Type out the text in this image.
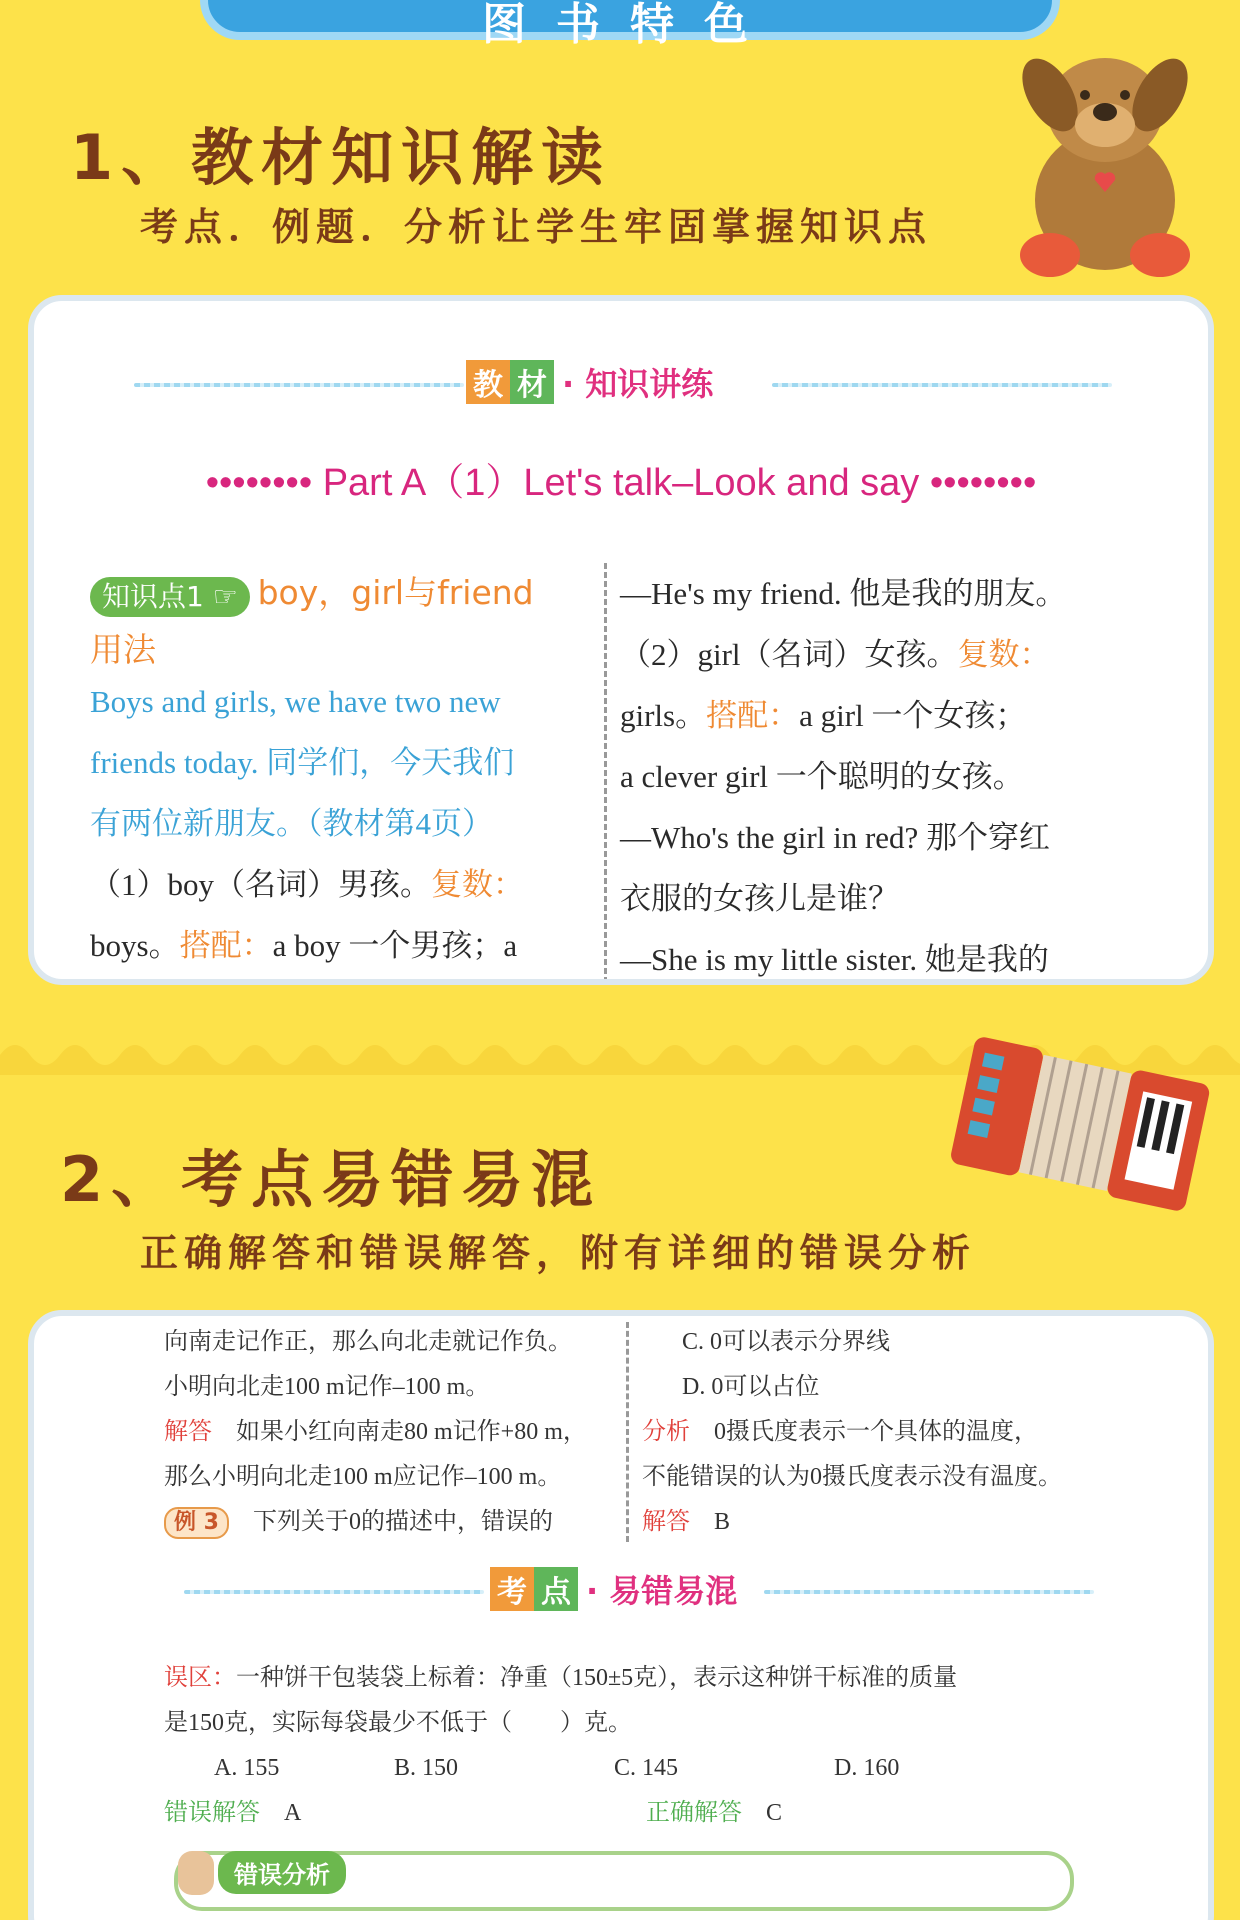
图书特色
1、教材知识解读
考点．例题．分析让学生牢固掌握知识点
教 材 · 知识讲练
•••••••• Part A（1）Let's talk–Look and say ••••••••
知识点1 ☞ boy，girl与friend
用法
Boys and girls, we have two new
friends today. 同学们，今天我们
有两位新朋友。（教材第4页）
（1）boy（名词）男孩。复数：
boys。搭配：a boy 一个男孩；a
—He's my friend. 他是我的朋友。
（2）girl（名词）女孩。复数：
girls。搭配：a girl 一个女孩；
a clever girl 一个聪明的女孩。
—Who's the girl in red? 那个穿红
衣服的女孩儿是谁？
—She is my little sister. 她是我的
2、考点易错易混
正确解答和错误解答，附有详细的错误分析
向南走记作正，那么向北走就记作负。
小明向北走100 m记作–100 m。
解答　 如果小红向南走80 m记作+80 m，
那么小明向北走100 m应记作–100 m。
例 3　 下列关于0的描述中，错误的
C. 0可以表示分界线
D. 0可以占位
分析　 0摄氏度表示一个具体的温度，
不能错误的认为0摄氏度表示没有温度。
解答　 B
考 点 · 易错易混
误区：一种饼干包装袋上标着：净重（150±5克），表示这种饼干标准的质量
是150克，实际每袋最少不低于（　　）克。
A. 155	B. 150	C. 145	D. 160
错误解答　 A	正确解答　 C
错误分析
